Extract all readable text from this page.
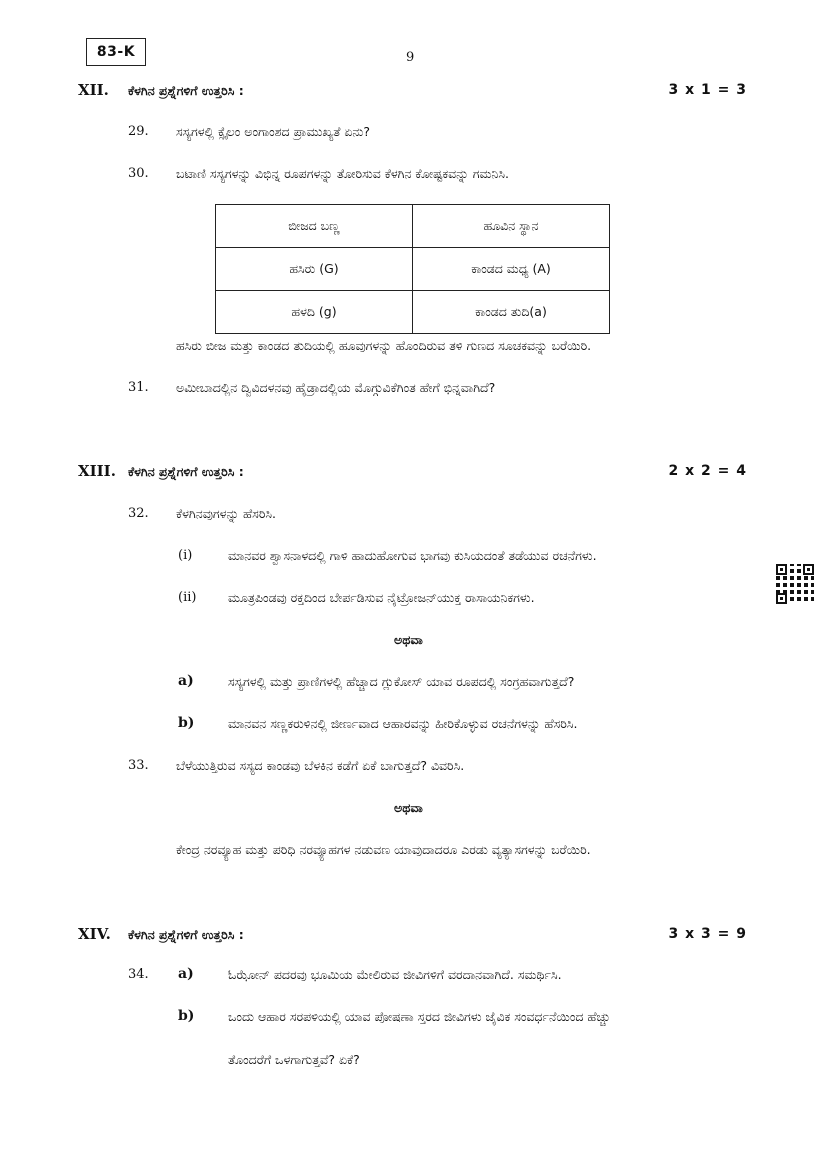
83-K	9
XII. ಕೆಳಗಿನ ಪ್ರಶ್ನೆಗಳಿಗೆ ಉತ್ತರಿಸಿ :	3 x 1 = 3
29. ಸಸ್ಯಗಳಲ್ಲಿ ಕ್ಸೈಲಂ ಅಂಗಾಂಶದ ಪ್ರಾಮುಖ್ಯತೆ ಏನು?
30. ಬಟಾಣಿ ಸಸ್ಯಗಳನ್ನು ವಿಭಿನ್ನ ರೂಪಗಳನ್ನು ತೋರಿಸುವ ಕೆಳಗಿನ ಕೋಷ್ಟಕವನ್ನು ಗಮನಿಸಿ.
ಬೀಜದ ಬಣ್ಣ	ಹೂವಿನ ಸ್ಥಾನ
ಹಸಿರು (G)	ಕಾಂಡದ ಮಧ್ಯ (A)
ಹಳದಿ (g)	ಕಾಂಡದ ತುದಿ(a)
ಹಸಿರು ಬೀಜ ಮತ್ತು ಕಾಂಡದ ತುದಿಯಲ್ಲಿ ಹೂವುಗಳನ್ನು ಹೊಂದಿರುವ ತಳಿ ಗುಣದ ಸೂಚಕವನ್ನು ಬರೆಯಿರಿ.
31. ಅಮೀಬಾದಲ್ಲಿನ ದ್ವಿವಿದಳನವು ಹೈಡ್ರಾದಲ್ಲಿಯ ಮೊಗ್ಗುವಿಕೆಗಿಂತ ಹೇಗೆ ಭಿನ್ನವಾಗಿದೆ?
XIII. ಕೆಳಗಿನ ಪ್ರಶ್ನೆಗಳಿಗೆ ಉತ್ತರಿಸಿ :	2 x 2 = 4
32. ಕೆಳಗಿನವುಗಳನ್ನು ಹೆಸರಿಸಿ.
(i)	ಮಾನವರ ಶ್ವಾಸನಾಳದಲ್ಲಿ ಗಾಳಿ ಹಾದುಹೋಗುವ ಭಾಗವು ಕುಸಿಯದಂತೆ ತಡೆಯುವ ರಚನೆಗಳು.
(ii)	ಮೂತ್ರಪಿಂಡವು ರಕ್ತದಿಂದ ಬೇರ್ಪಡಿಸುವ ನೈಟ್ರೋಜನ್‌ಯುಕ್ತ ರಾಸಾಯನಿಕಗಳು.
ಅಥವಾ
a)	ಸಸ್ಯಗಳಲ್ಲಿ ಮತ್ತು ಪ್ರಾಣಿಗಳಲ್ಲಿ ಹೆಚ್ಚಾದ ಗ್ಲುಕೋಸ್ ಯಾವ ರೂಪದಲ್ಲಿ ಸಂಗ್ರಹವಾಗುತ್ತದೆ?
b)	ಮಾನವನ ಸಣ್ಣಕರುಳಿನಲ್ಲಿ ಜೀರ್ಣವಾದ ಆಹಾರವನ್ನು ಹೀರಿಕೊಳ್ಳುವ ರಚನೆಗಳನ್ನು ಹೆಸರಿಸಿ.
33. ಬೆಳೆಯುತ್ತಿರುವ ಸಸ್ಯದ ಕಾಂಡವು ಬೆಳಕಿನ ಕಡೆಗೆ ಏಕೆ ಬಾಗುತ್ತದೆ? ವಿವರಿಸಿ.
ಅಥವಾ
ಕೇಂದ್ರ ನರವ್ಯೂಹ ಮತ್ತು ಪರಿಧಿ ನರವ್ಯೂಹಗಳ ನಡುವಣ ಯಾವುದಾದರೂ ಎರಡು ವ್ಯತ್ಯಾಸಗಳನ್ನು ಬರೆಯಿರಿ.
XIV. ಕೆಳಗಿನ ಪ್ರಶ್ನೆಗಳಿಗೆ ಉತ್ತರಿಸಿ :	3 x 3 = 9
34. a)	ಓಝೋನ್ ಪದರವು ಭೂಮಿಯ ಮೇಲಿರುವ ಜೀವಿಗಳಿಗೆ ವರದಾನವಾಗಿದೆ. ಸಮರ್ಥಿಸಿ.
b)	ಒಂದು ಆಹಾರ ಸರಪಳಿಯಲ್ಲಿ ಯಾವ ಪೋಷಣಾ ಸ್ತರದ ಜೀವಿಗಳು ಜೈವಿಕ ಸಂವರ್ಧನೆಯಿಂದ ಹೆಚ್ಚು
ತೊಂದರೆಗೆ ಒಳಗಾಗುತ್ತವೆ? ಏಕೆ?
